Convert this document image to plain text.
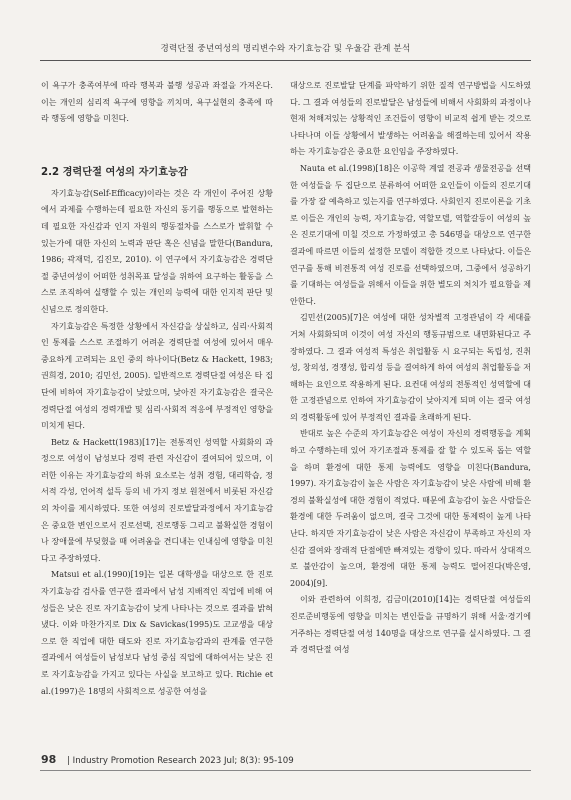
경력단절 중년여성의 명리변수와 자기효능감 및 우울감 관계 분석

이 욕구가 충족여부에 따라 행복과 불행 성공과 좌절을 가져온다. 이는 개인의 심리적 욕구에 영향을 끼치며, 욕구실현의 충족에 따라 행동에 영향을 미친다.

2.2 경력단절 여성의 자기효능감

자기효능감(Self-Efficacy)이라는 것은 각 개인이 주어진 상황에서 과제를 수행하는데 필요한 자신의 동기를 행동으로 발현하는 데 필요한 자신감과 인지 자원의 행동절차를 스스로가 발휘할 수 있는가에 대한 자신의 노력과 판단 혹은 신념을 말한다(Bandura, 1986; 곽재덕, 김진모, 2010). 이 연구에서 자기효능감은 경력단절 중년여성이 어떠한 성취목표 달성을 위하여 요구하는 활동을 스스로 조직하여 실행할 수 있는 개인의 능력에 대한 인지적 판단 및 신념으로 정의한다.

자기효능감은 특정한 상황에서 자신감을 상실하고, 심리·사회적인 통제를 스스로 조절하기 어려운 경력단절 여성에 있어서 매우 중요하게 고려되는 요인 중의 하나이다(Betz & Hackett, 1983; 권희경, 2010; 김민선, 2005). 일반적으로 경력단절 여성은 타 집단에 비하여 자기효능감이 낮았으며, 낮아진 자기효능감은 결국은 경력단절 여성의 경력개발 및 심리·사회적 적응에 부정적인 영향을 미치게 된다.

Betz & Hackett(1983)[17]는 전통적인 성역할 사회화의 과정으로 여성이 남성보다 경력 관련 자신감이 결여되어 있으며, 이러한 이유는 자기효능감의 하위 요소로는 성취 경험, 대리학습, 정서적 각성, 언어적 설득 등의 네 가지 정보 원천에서 비롯된 자신감의 차이를 제시하였다. 또한 여성의 진로발달과정에서 자기효능감은 중요한 변인으로서 진로선택, 진로행동 그리고 불확실한 경험이나 장애물에 부딪혔을 때 어려움을 견디내는 인내심에 영향을 미친다고 주장하였다.

Matsui et al.(1990)[19]는 일본 대학생을 대상으로 한 진로 자기효능감 검사를 연구한 결과에서 남성 지배적인 직업에 비해 여성들은 낮은 진로 자기효능감이 낮게 나타나는 것으로 결과를 밝혀냈다. 이와 마찬가지로 Dix & Savickas(1995)도 고교생을 대상으로 한 직업에 대한 태도와 진로 자기효능감과의 관계를 연구한 결과에서 여성들이 남성보다 남성 중심 직업에 대하여서는 낮은 진로 자기효능감을 가지고 있다는 사실을 보고하고 있다. Richie et al.(1997)은 18명의 사회적으로 성공한 여성을

대상으로 진로발달 단계를 파악하기 위한 질적 연구방법을 시도하였다. 그 결과 여성들의 진로발달은 남성들에 비해서 사회화의 과정이나 현재 처해져있는 상황적인 조건들이 영향이 비교적 쉽게 받는 것으로 나타나며 이들 상황에서 발생하는 어려움을 해결하는데 있어서 작용하는 자기효능감은 중요한 요인임을 주장하였다.

Nauta et al.(1998)[18]은 이공학 계열 전공과 생물전공을 선택한 여성들을 두 집단으로 분류하여 어떠한 요인들이 이들의 진로기대를 가장 잘 예측하고 있는지를 연구하였다. 사회인지 진로이론을 기초로 이들은 개인의 능력, 자기효능감, 역할모델, 역할갈등이 여성의 높은 진로기대에 미칠 것으로 가정하였고 총 546명을 대상으로 연구한 결과에 따르면 이들의 설정한 모델이 적합한 것으로 나타났다. 이들은 연구를 통해 비전통적 여성 진로를 선택하였으며, 그중에서 성공하기를 기대하는 여성들을 위해서 이들을 위한 별도의 처치가 필요함을 제안한다.

김민선(2005)[7]은 여성에 대한 성차별적 고정관념이 각 세대를 거쳐 사회화되며 이것이 여성 자신의 행동규범으로 내면화된다고 주장하였다. 그 결과 여성적 특성은 취업활동 시 요구되는 독립성, 진취성, 창의성, 경쟁성, 합리성 등을 결여하게 하여 여성의 취업활동을 저해하는 요인으로 작용하게 된다. 요컨대 여성의 전통적인 성역할에 대한 고정관념으로 인하여 자기효능감이 낮아지게 되며 이는 결국 여성의 경력활동에 있어 부정적인 결과를 초래하게 된다.

반대로 높은 수준의 자기효능감은 여성이 자신의 경력행동을 계획하고 수행하는데 있어 자기조절과 통제를 잘 할 수 있도록 돕는 역할을 하며 환경에 대한 통제 능력에도 영향을 미친다(Bandura, 1997). 자기효능감이 높은 사람은 자기효능감이 낮은 사람에 비해 환경의 불확실성에 대한 경험이 적었다. 때문에 효능감이 높은 사람들은 환경에 대한 두려움이 없으며, 결국 그것에 대한 통제력이 높게 나타난다. 하지만 자기효능감이 낮은 사람은 자신감이 부족하고 자신의 자신감 결여와 장래적 단점에만 빠져있는 경향이 있다. 따라서 상대적으로 불안감이 높으며, 환경에 대한 통제 능력도 떨어진다(박은영, 2004)[9].

이와 관련하여 이희정, 김금미(2010)[14]는 경력단절 여성들의 진로준비행동에 영향을 미치는 변인들을 규명하기 위해 서울·경기에 거주하는 경력단절 여성 140명을 대상으로 연구를 실시하였다. 그 결과 경력단절 여성

98 | Industry Promotion Research 2023 Jul; 8(3): 95-109
